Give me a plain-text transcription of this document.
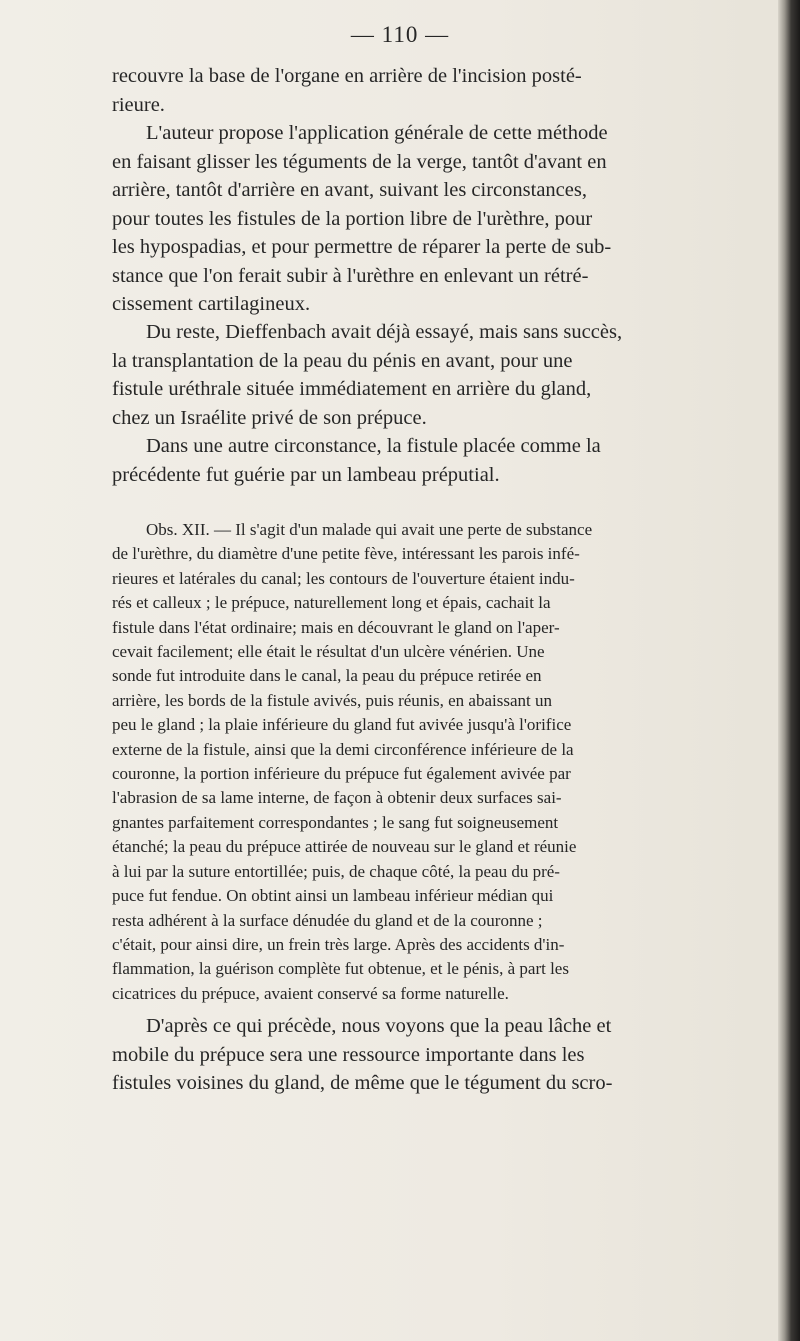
— 110 —

recouvre la base de l'organe en arrière de l'incision posté-
rieure.

L'auteur propose l'application générale de cette méthode
en faisant glisser les téguments de la verge, tantôt d'avant en
arrière, tantôt d'arrière en avant, suivant les circonstances,
pour toutes les fistules de la portion libre de l'urèthre, pour
les hypospadias, et pour permettre de réparer la perte de sub-
stance que l'on ferait subir à l'urèthre en enlevant un rétré-
cissement cartilagineux.

Du reste, Dieffenbach avait déjà essayé, mais sans succès,
la transplantation de la peau du pénis en avant, pour une
fistule uréthrale située immédiatement en arrière du gland,
chez un Israélite privé de son prépuce.

Dans une autre circonstance, la fistule placée comme la
précédente fut guérie par un lambeau préputial.

Obs. XII. — Il s'agit d'un malade qui avait une perte de substance
de l'urèthre, du diamètre d'une petite fève, intéressant les parois infé-
rieures et latérales du canal; les contours de l'ouverture étaient indu-
rés et calleux ; le prépuce, naturellement long et épais, cachait la
fistule dans l'état ordinaire; mais en découvrant le gland on l'aper-
cevait facilement; elle était le résultat d'un ulcère vénérien. Une
sonde fut introduite dans le canal, la peau du prépuce retirée en
arrière, les bords de la fistule avivés, puis réunis, en abaissant un
peu le gland ; la plaie inférieure du gland fut avivée jusqu'à l'orifice
externe de la fistule, ainsi que la demi circonférence inférieure de la
couronne, la portion inférieure du prépuce fut également avivée par
l'abrasion de sa lame interne, de façon à obtenir deux surfaces sai-
gnantes parfaitement correspondantes ; le sang fut soigneusement
étanché; la peau du prépuce attirée de nouveau sur le gland et réunie
à lui par la suture entortillée; puis, de chaque côté, la peau du pré-
puce fut fendue. On obtint ainsi un lambeau inférieur médian qui
resta adhérent à la surface dénudée du gland et de la couronne ;
c'était, pour ainsi dire, un frein très large. Après des accidents d'in-
flammation, la guérison complète fut obtenue, et le pénis, à part les
cicatrices du prépuce, avaient conservé sa forme naturelle.

D'après ce qui précède, nous voyons que la peau lâche et
mobile du prépuce sera une ressource importante dans les
fistules voisines du gland, de même que le tégument du scro-
